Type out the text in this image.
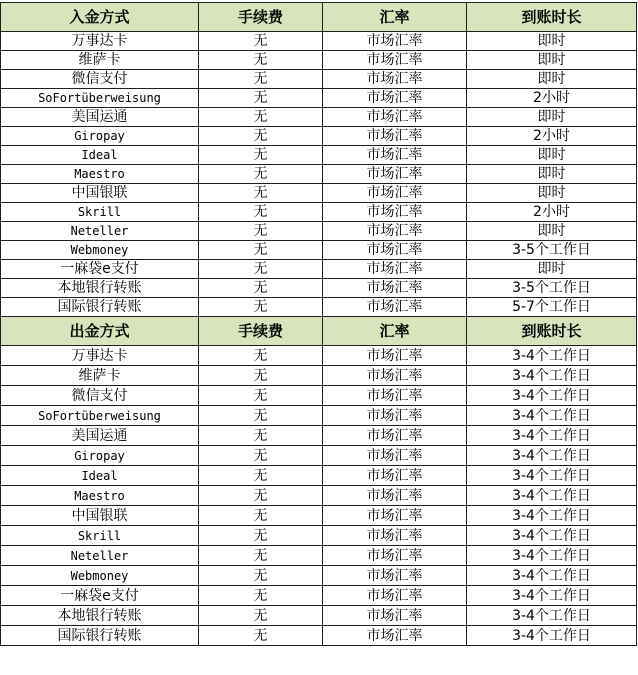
入金方式	手续费	汇率	到账时长
万事达卡	无	市场汇率	即时
维萨卡	无	市场汇率	即时
微信支付	无	市场汇率	即时
SoFortüberweisung	无	市场汇率	2小时
美国运通	无	市场汇率	即时
Giropay	无	市场汇率	2小时
Ideal	无	市场汇率	即时
Maestro	无	市场汇率	即时
中国银联	无	市场汇率	即时
Skrill	无	市场汇率	2小时
Neteller	无	市场汇率	即时
Webmoney	无	市场汇率	3-5个工作日
一麻袋e支付	无	市场汇率	即时
本地银行转账	无	市场汇率	3-5个工作日
国际银行转账	无	市场汇率	5-7个工作日
出金方式	手续费	汇率	到账时长
万事达卡	无	市场汇率	3-4个工作日
维萨卡	无	市场汇率	3-4个工作日
微信支付	无	市场汇率	3-4个工作日
SoFortüberweisung	无	市场汇率	3-4个工作日
美国运通	无	市场汇率	3-4个工作日
Giropay	无	市场汇率	3-4个工作日
Ideal	无	市场汇率	3-4个工作日
Maestro	无	市场汇率	3-4个工作日
中国银联	无	市场汇率	3-4个工作日
Skrill	无	市场汇率	3-4个工作日
Neteller	无	市场汇率	3-4个工作日
Webmoney	无	市场汇率	3-4个工作日
一麻袋e支付	无	市场汇率	3-4个工作日
本地银行转账	无	市场汇率	3-4个工作日
国际银行转账	无	市场汇率	3-4个工作日
